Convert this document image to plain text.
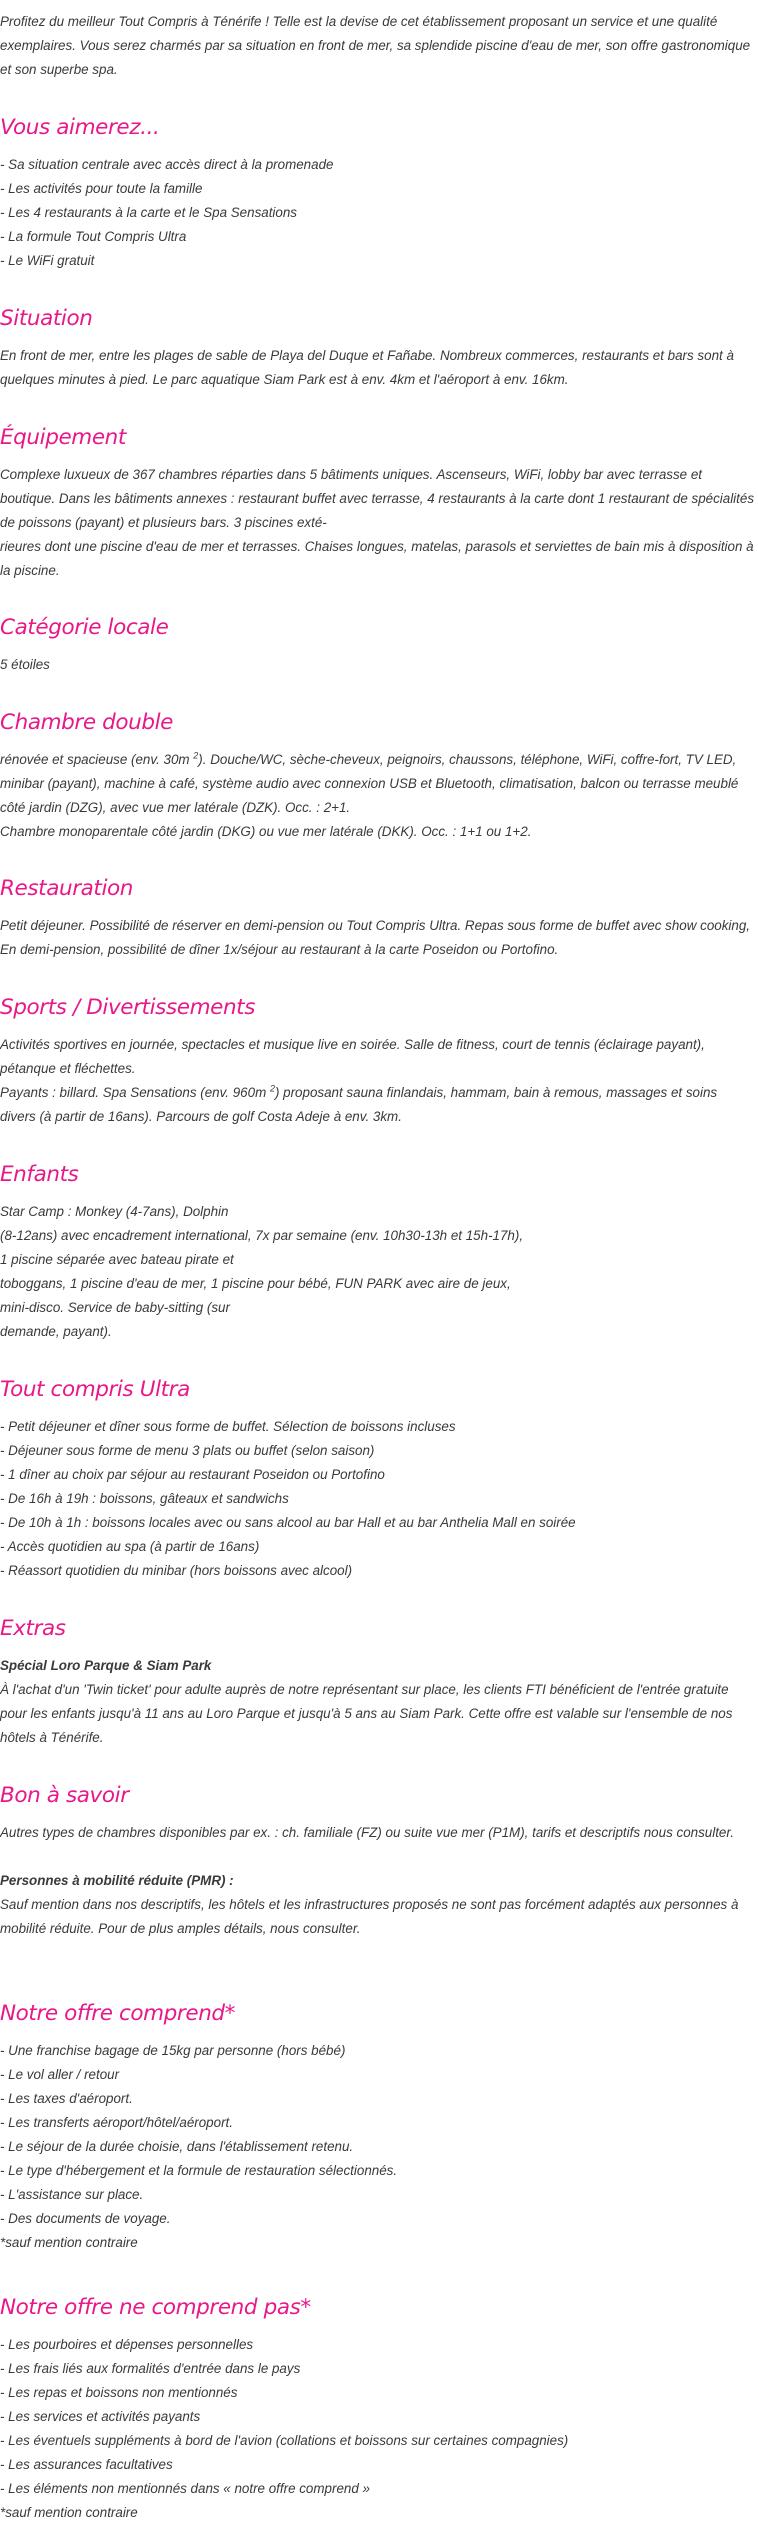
Profitez du meilleur Tout Compris à Ténérife ! Telle est la devise de cet établissement proposant un service et une qualité exemplaires. Vous serez charmés par sa situation en front de mer, sa splendide piscine d'eau de mer, son offre gastronomique et son superbe spa.

Vous aimerez...
- Sa situation centrale avec accès direct à la promenade
- Les activités pour toute la famille
- Les 4 restaurants à la carte et le Spa Sensations
- La formule Tout Compris Ultra
- Le WiFi gratuit
Situation

En front de mer, entre les plages de sable de Playa del Duque et Fañabe. Nombreux commerces, restaurants et bars sont à quelques minutes à pied. Le parc aquatique Siam Park est à env. 4km et l'aéroport à env. 16km.

Équipement

Complexe luxueux de 367 chambres réparties dans 5 bâtiments uniques. Ascenseurs, WiFi, lobby bar avec terrasse et boutique. Dans les bâtiments annexes : restaurant buffet avec terrasse, 4 restaurants à la carte dont 1 restaurant de spécialités de poissons (payant) et plusieurs bars. 3 piscines exté-

rieures dont une piscine d'eau de mer et terrasses. Chaises longues, matelas, parasols et serviettes de bain mis à disposition à la piscine.

Catégorie locale

5 étoiles

Chambre double

rénovée et spacieuse (env. 30m $^2$). Douche/WC, sèche-cheveux, peignoirs, chaussons, téléphone, WiFi, coffre-fort, TV LED, minibar (payant), machine à café, système audio avec connexion USB et Bluetooth, climatisation, balcon ou terrasse meublé côté jardin (DZG), avec vue mer latérale (DZK). Occ. : 2+1.

Chambre monoparentale côté jardin (DKG) ou vue mer latérale (DKK). Occ. : 1+1 ou 1+2.

Restauration

Petit déjeuner. Possibilité de réserver en demi-pension ou Tout Compris Ultra. Repas sous forme de buffet avec show cooking, En demi-pension, possibilité de dîner 1x/séjour au restaurant à la carte Poseidon ou Portofino.

Sports / Divertissements

Activités sportives en journée, spectacles et musique live en soirée. Salle de fitness, court de tennis (éclairage payant), pétanque et fléchettes.

Payants : billard. Spa Sensations (env. 960m $^2$) proposant sauna finlandais, hammam, bain à remous, massages et soins divers (à partir de 16ans). Parcours de golf Costa Adeje à env. 3km.

Enfants

Star Camp : Monkey (4-7ans), Dolphin

(8-12ans) avec encadrement international, 7x par semaine (env. 10h30-13h et 15h-17h),

1 piscine séparée avec bateau pirate et

toboggans, 1 piscine d'eau de mer, 1 piscine pour bébé, FUN PARK avec aire de jeux,

mini-disco. Service de baby-sitting (sur

demande, payant).

Tout compris Ultra
- Petit déjeuner et dîner sous forme de buffet. Sélection de boissons incluses
- Déjeuner sous forme de menu 3 plats ou buffet (selon saison)
- 1 dîner au choix par séjour au restaurant Poseidon ou Portofino
- De 16h à 19h : boissons, gâteaux et sandwichs
- De 10h à 1h : boissons locales avec ou sans alcool au bar Hall et au bar Anthelia Mall en soirée
- Accès quotidien au spa (à partir de 16ans)
- Réassort quotidien du minibar (hors boissons avec alcool)
Extras

Spécial Loro Parque & Siam Park

À l'achat d'un 'Twin ticket' pour adulte auprès de notre représentant sur place, les clients FTI bénéficient de l'entrée gratuite pour les enfants jusqu'à 11 ans au Loro Parque et jusqu'à 5 ans au Siam Park. Cette offre est valable sur l'ensemble de nos hôtels à Ténérife.

Bon à savoir

Autres types de chambres disponibles par ex. : ch. familiale (FZ) ou suite vue mer (P1M), tarifs et descriptifs nous consulter.

Personnes à mobilité réduite (PMR) :

Sauf mention dans nos descriptifs, les hôtels et les infrastructures proposés ne sont pas forcément adaptés aux personnes à mobilité réduite. Pour de plus amples détails, nous consulter.

Notre offre comprend*
- Une franchise bagage de 15kg par personne (hors bébé)
- Le vol aller / retour
- Les taxes d'aéroport.
- Les transferts aéroport/hôtel/aéroport.
- Le séjour de la durée choisie, dans l'établissement retenu.
- Le type d'hébergement et la formule de restauration sélectionnés.
- L'assistance sur place.
- Des documents de voyage.
*sauf mention contraire
Notre offre ne comprend pas*
- Les pourboires et dépenses personnelles
- Les frais liés aux formalités d'entrée dans le pays
- Les repas et boissons non mentionnés
- Les services et activités payants
- Les éventuels suppléments à bord de l'avion (collations et boissons sur certaines compagnies)
- Les assurances facultatives
- Les éléments non mentionnés dans « notre offre comprend »
*sauf mention contraire
